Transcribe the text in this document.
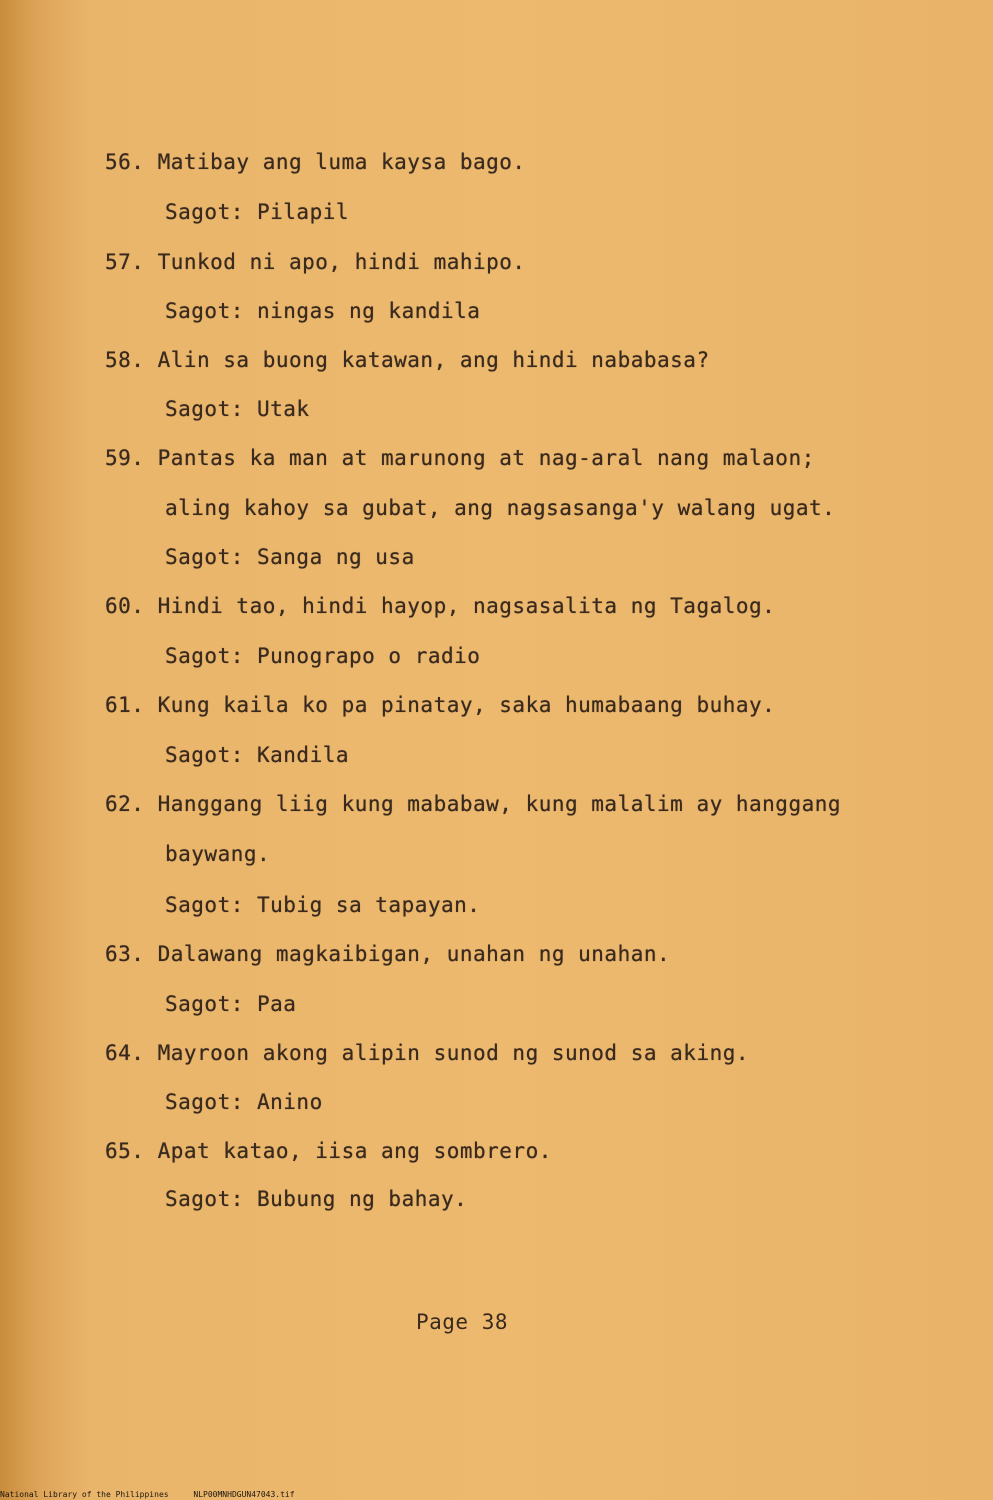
56. Matibay ang luma kaysa bago.
Sagot: Pilapil
57. Tunkod ni apo, hindi mahipo.
Sagot: ningas ng kandila
58. Alin sa buong katawan, ang hindi nababasa?
Sagot: Utak
59. Pantas ka man at marunong at nag-aral nang malaon;
aling kahoy sa gubat, ang nagsasanga'y walang ugat.
Sagot: Sanga ng usa
60. Hindi tao, hindi hayop, nagsasalita ng Tagalog.
Sagot: Punograpo o radio
61. Kung kaila ko pa pinatay, saka humabaang buhay.
Sagot: Kandila
62. Hanggang liig kung mababaw, kung malalim ay hanggang
baywang.
Sagot: Tubig sa tapayan.
63. Dalawang magkaibigan, unahan ng unahan.
Sagot: Paa
64. Mayroon akong alipin sunod ng sunod sa aking.
Sagot: Anino
65. Apat katao, iisa ang sombrero.
Sagot: Bubung ng bahay.
Page 38
National Library of the Philippines	NLP00MNHDGUN47043.tif
